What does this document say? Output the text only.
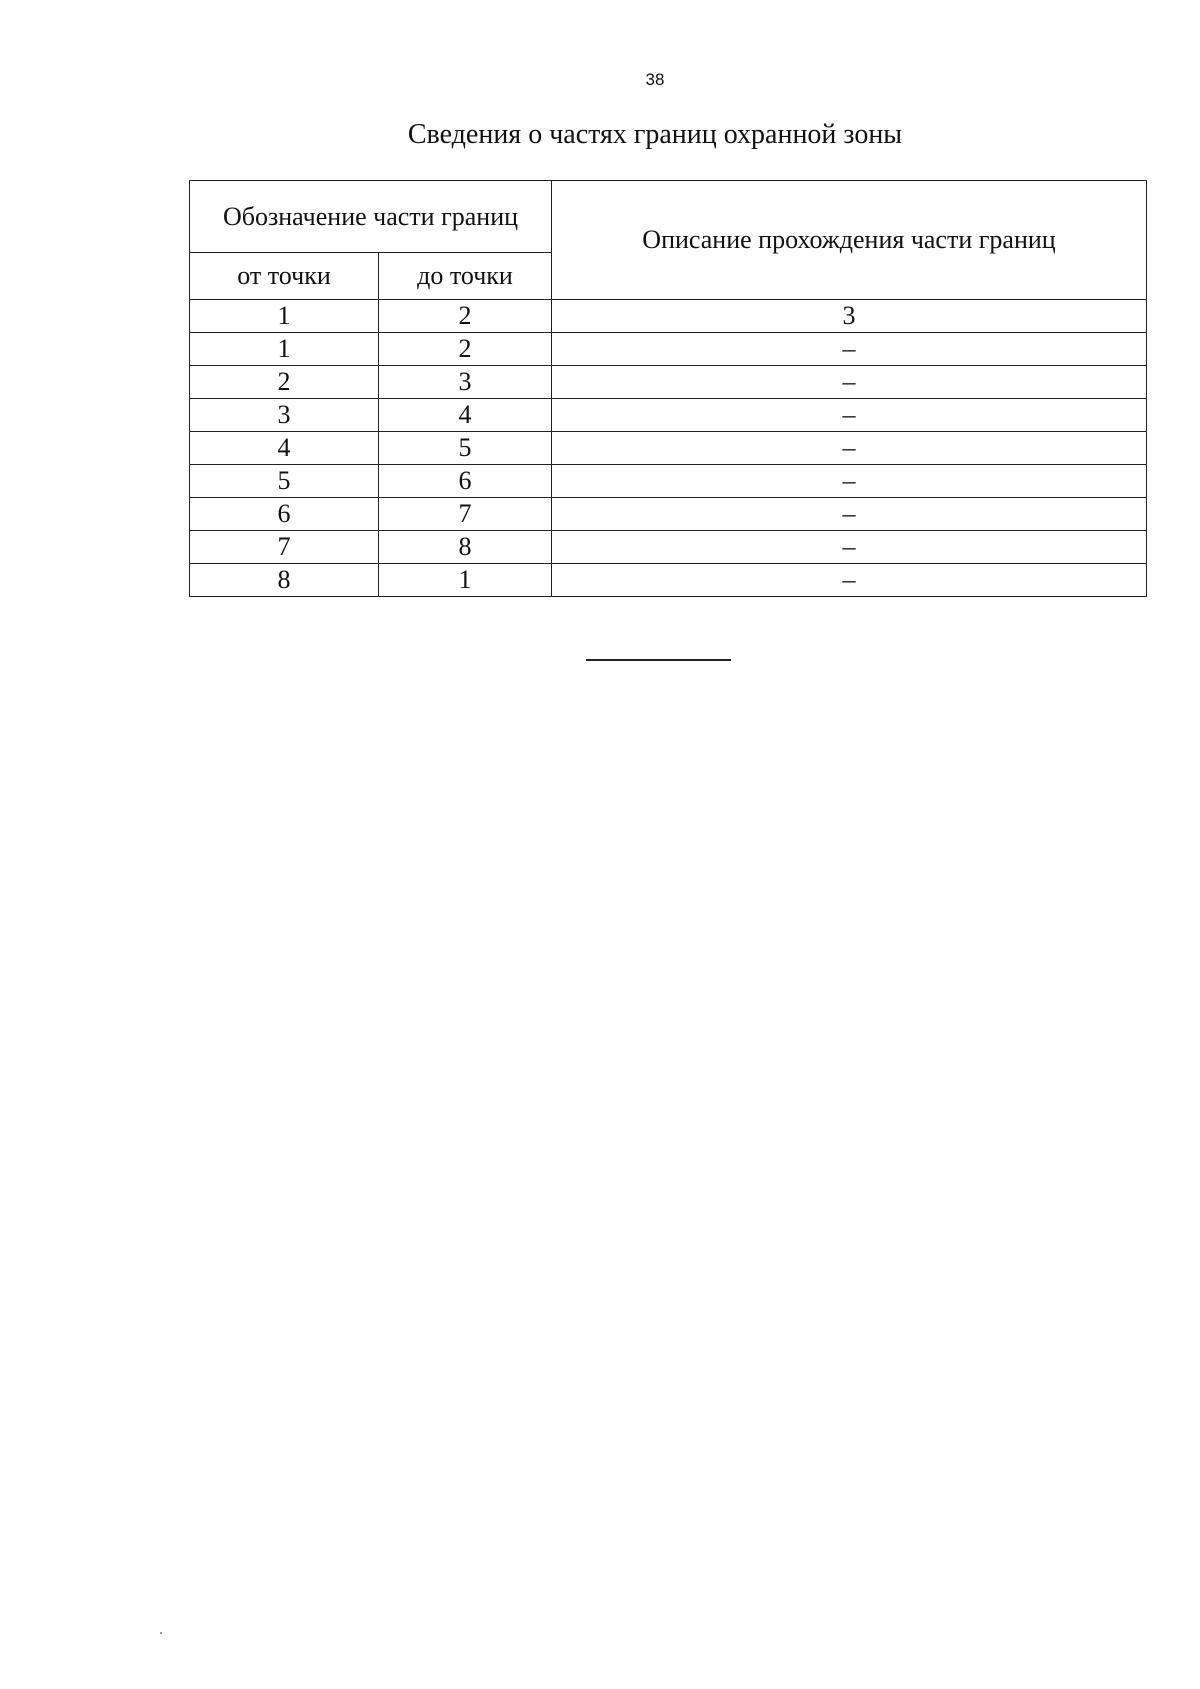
38
Сведения о частях границ охранной зоны
Обозначение части границ		Описание прохождения части границ
от точки	до точки	
1	2	3
1	2	–
2	3	–
3	4	–
4	5	–
5	6	–
6	7	–
7	8	–
8	1	–
